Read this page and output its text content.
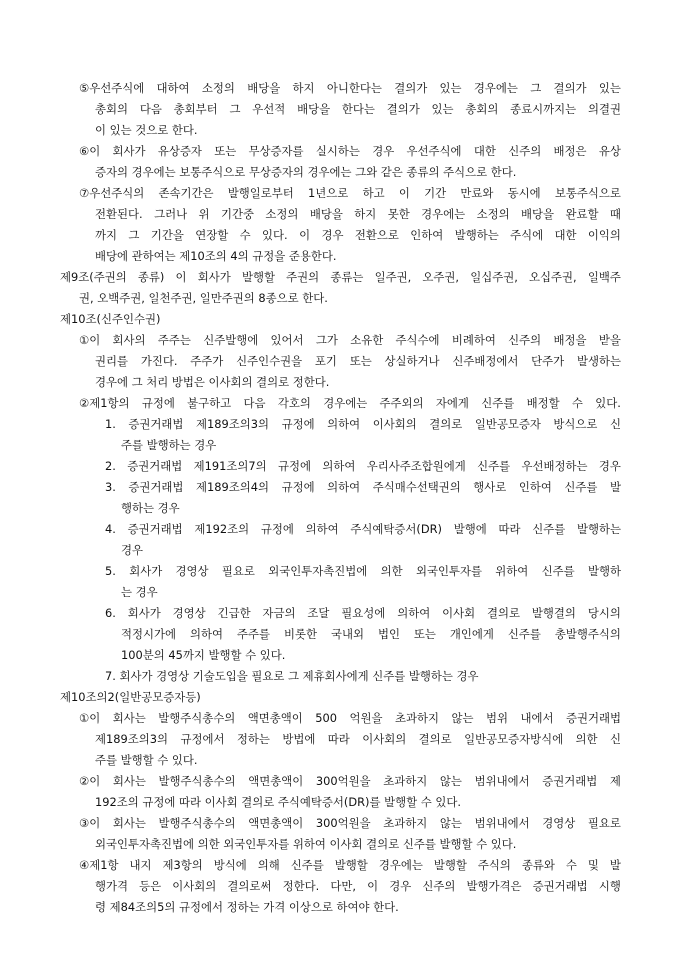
⑤우선주식에 대하여 소정의 배당을 하지 아니한다는 결의가 있는 경우에는 그 결의가 있는
총회의 다음 총회부터 그 우선적 배당을 한다는 결의가 있는 총회의 종료시까지는 의결권
이 있는 것으로 한다.
⑥이 회사가 유상증자 또는 무상증자를 실시하는 경우 우선주식에 대한 신주의 배정은 유상
증자의 경우에는 보통주식으로 무상증자의 경우에는 그와 같은 종류의 주식으로 한다.
⑦우선주식의 존속기간은 발행일로부터 1년으로 하고 이 기간 만료와 동시에 보통주식으로
전환된다. 그러나 위 기간중 소정의 배당을 하지 못한 경우에는 소정의 배당을 완료할 때
까지 그 기간을 연장할 수 있다. 이 경우 전환으로 인하여 발행하는 주식에 대한 이익의
배당에 관하여는 제10조의 4의 규정을 준용한다.
제9조(주권의 종류) 이 회사가 발행할 주권의 종류는 일주권, 오주권, 일십주권, 오십주권, 일백주
권, 오백주권, 일천주권, 일만주권의 8종으로 한다.
제10조(신주인수권)
①이 회사의 주주는 신주발행에 있어서 그가 소유한 주식수에 비례하여 신주의 배정을 받을
권리를 가진다. 주주가 신주인수권을 포기 또는 상실하거나 신주배정에서 단주가 발생하는
경우에 그 처리 방법은 이사회의 결의로 정한다.
②제1항의 규정에 불구하고 다음 각호의 경우에는 주주외의 자에게 신주를 배정할 수 있다.
1. 증권거래법 제189조의3의 규정에 의하여 이사회의 결의로 일반공모증자 방식으로 신
주를 발행하는 경우
2. 증권거래법 제191조의7의 규정에 의하여 우리사주조합원에게 신주를 우선배정하는 경우
3. 증권거래법 제189조의4의 규정에 의하여 주식매수선택권의 행사로 인하여 신주를 발
행하는 경우
4. 증권거래법 제192조의 규정에 의하여 주식예탁증서(DR) 발행에 따라 신주를 발행하는
경우
5. 회사가 경영상 필요로 외국인투자촉진법에 의한 외국인투자를 위하여 신주를 발행하
는 경우
6. 회사가 경영상 긴급한 자금의 조달 필요성에 의하여 이사회 결의로 발행결의 당시의
적정시가에 의하여 주주를 비롯한 국내외 법인 또는 개인에게 신주를 총발행주식의
100분의 45까지 발행할 수 있다.
7. 회사가 경영상 기술도입을 필요로 그 제휴회사에게 신주를 발행하는 경우
제10조의2(일반공모증자등)
①이 회사는 발행주식총수의 액면총액이 500 억원을 초과하지 않는 범위 내에서 증권거래법
제189조의3의 규정에서 정하는 방법에 따라 이사회의 결의로 일반공모증자방식에 의한 신
주를 발행할 수 있다.
②이 회사는 발행주식총수의 액면총액이 300억원을 초과하지 않는 범위내에서 증권거래법 제
192조의 규정에 따라 이사회 결의로 주식예탁증서(DR)를 발행할 수 있다.
③이 회사는 발행주식총수의 액면총액이 300억원을 초과하지 않는 범위내에서 경영상 필요로
외국인투자촉진법에 의한 외국인투자를 위하여 이사회 결의로 신주를 발행할 수 있다.
④제1항 내지 제3항의 방식에 의해 신주를 발행할 경우에는 발행할 주식의 종류와 수 및 발
행가격 등은 이사회의 결의로써 정한다. 다만, 이 경우 신주의 발행가격은 증권거래법 시행
령 제84조의5의 규정에서 정하는 가격 이상으로 하여야 한다.
